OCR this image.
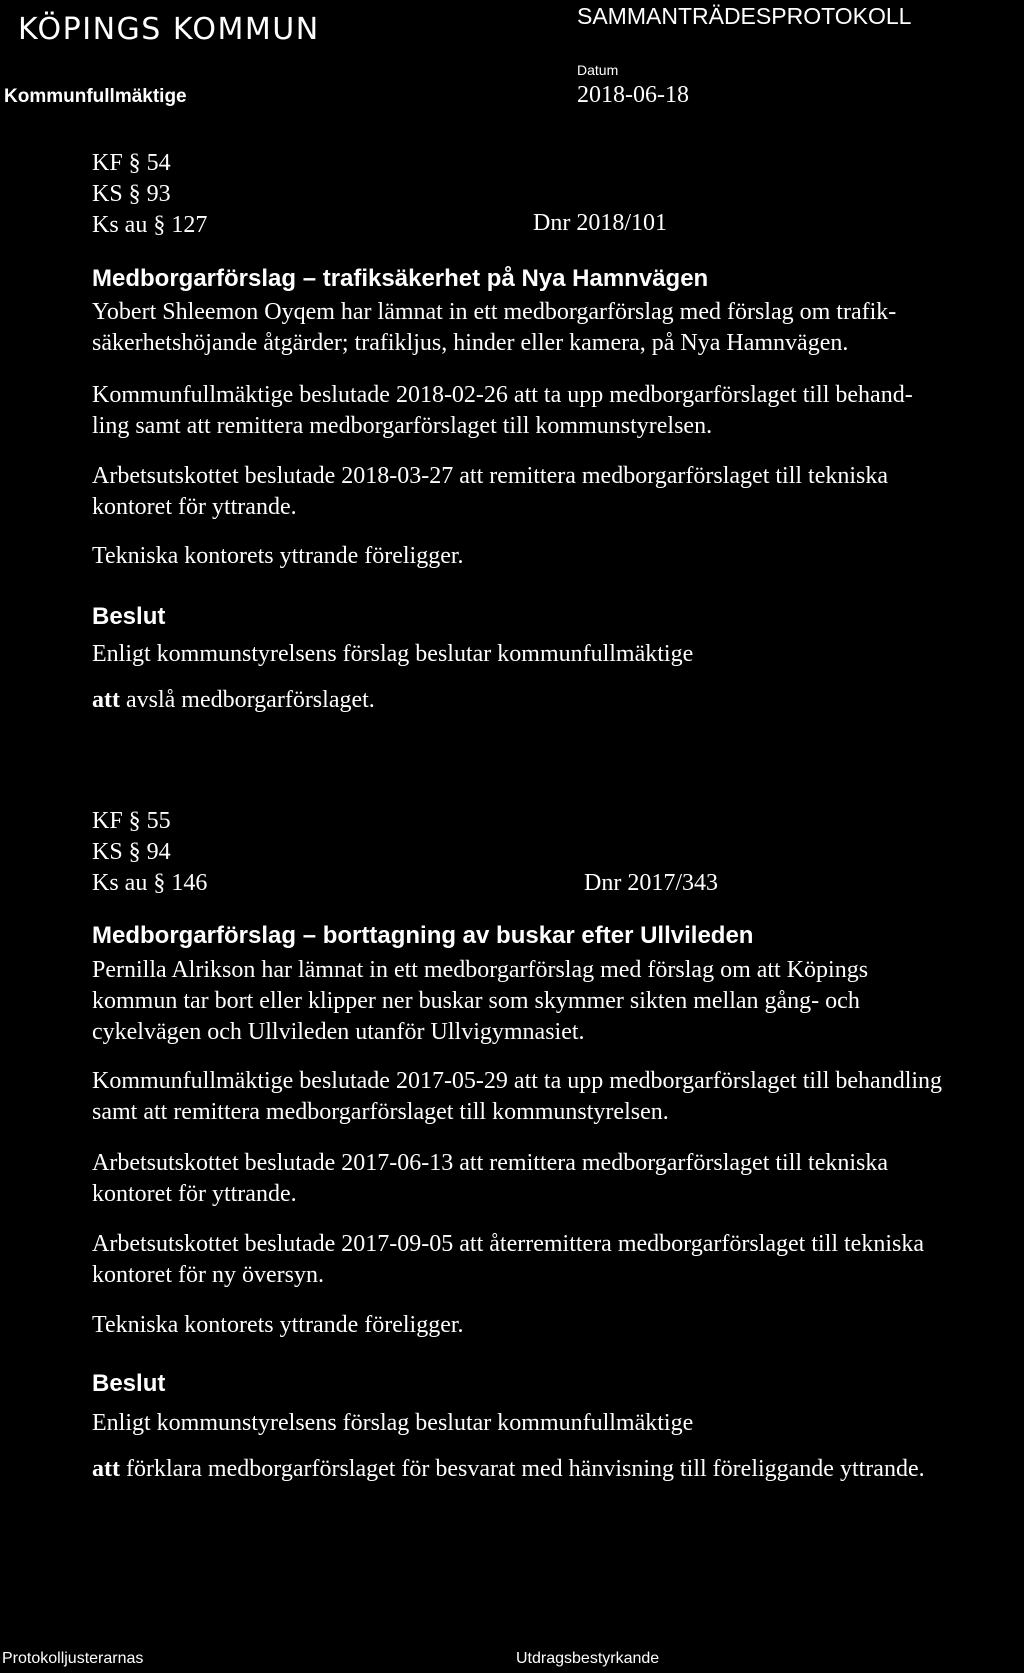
KÖPINGS KOMMUN
Kommunfullmäktige
SAMMANTRÄDESPROTOKOLL
Datum
2018-06-18
KF § 54
KS § 93
Ks au § 127	Dnr 2018/101
Medborgarförslag – trafiksäkerhet på Nya Hamnvägen
Yobert Shleemon Oyqem har lämnat in ett medborgarförslag med förslag om trafik-
säkerhetshöjande åtgärder; trafikljus, hinder eller kamera, på Nya Hamnvägen.
Kommunfullmäktige beslutade 2018-02-26 att ta upp medborgarförslaget till behand-
ling samt att remittera medborgarförslaget till kommunstyrelsen.
Arbetsutskottet beslutade 2018-03-27 att remittera medborgarförslaget till tekniska
kontoret för yttrande.
Tekniska kontorets yttrande föreligger.
Beslut
Enligt kommunstyrelsens förslag beslutar kommunfullmäktige
att avslå medborgarförslaget.
KF § 55
KS § 94
Ks au § 146	Dnr 2017/343
Medborgarförslag – borttagning av buskar efter Ullvileden
Pernilla Alrikson har lämnat in ett medborgarförslag med förslag om att Köpings
kommun tar bort eller klipper ner buskar som skymmer sikten mellan gång- och
cykelvägen och Ullvileden utanför Ullvigymnasiet.
Kommunfullmäktige beslutade 2017-05-29 att ta upp medborgarförslaget till behandling
samt att remittera medborgarförslaget till kommunstyrelsen.
Arbetsutskottet beslutade 2017-06-13 att remittera medborgarförslaget till tekniska
kontoret för yttrande.
Arbetsutskottet beslutade 2017-09-05 att återremittera medborgarförslaget till tekniska
kontoret för ny översyn.
Tekniska kontorets yttrande föreligger.
Beslut
Enligt kommunstyrelsens förslag beslutar kommunfullmäktige
att förklara medborgarförslaget för besvarat med hänvisning till föreliggande yttrande.
Protokolljusterarnas	Utdragsbestyrkande
